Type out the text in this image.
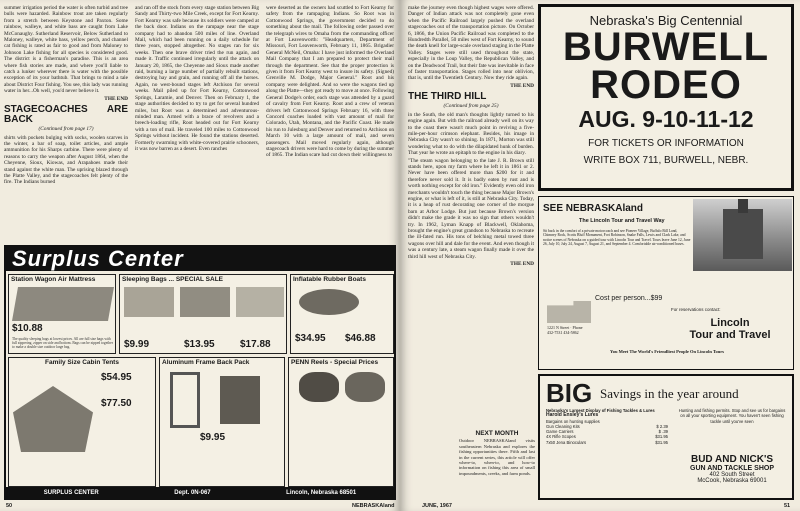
summer irrigation period the water is often turbid and tree bulls were hazarded. Rainbow trout are taken regularly from a stretch between Keystone and Paxton. Some rainbow, walleye, and white bass are caught from Lake McConaughy. Sutherland Reservoir, Below Sutherland to Maloney, walleye, white bass, yellow perch, and channel cat fishing is rated as fair to good and from Maloney to Johnson Lake fishing for all species is considered good. The district is a fisherman's paradise. This is an area where fish stories are made, and where you'll liable to catch a lunker wherever there is water with the possible exception of its your bathtub. That brings to mind a tale about District Four fishing. You see, this lady was running water in her...Oh well, you'd never believe it.

THE END

STAGECOACHES ARE BACK

(Continued from page 17)

shirts with pockets bulging with socks, woolen scarves in the winter, a bar of soap, toilet articles, and ample ammunition for his Sharps carbine. There were plenty of reasons to carry the weapon after August 1864, when the Cheyenne, Sioux, Kiowas, and Arapahoes made their stand against the white man. The uprising blazed through the Platte Valley, and the stagecoaches felt plenty of the fire. The Indians burned

and ran off the stock from every stage station between Big Sandy and Thirty-two Mile Creek, except for Fort Kearny. Fort Kearny was safe because its soldiers were camped at the back door. Indians on the rampage near the stage company had to abandon 500 miles of line. Overland Mail, which had been running on a daily schedule for three years, stopped altogether. No stages ran for six weeks. Then one brave driver tried the run again, and made it. Traffic continued irregularly until the attack on January 20, 1865, the Cheyenne and Sioux made another raid, burning a large number of partially rebuilt stations, destroying hay and grain, and running off all the horses. Again, no west-bound stages left Atchison for several weeks. Mail piled up for Fort Kearny, Cottonwood Springs, Laramie, and Denver. Then on February 1, the stage authorities decided to try to get for several hundred miles, but Root was a determined and adventurous-minded man. Armed with a brace of revolvers and a breech-loading rifle, Root headed out for Fort Kearny with a ton of mail. He traveled 100 miles to Cottonwood Springs without incident. He found the stations deserted. Formerly swarming with white-covered prairie schooners, it was now barren as a desert. Even ranches

were deserted as the owners had scuttled to Fort Kearny for safety from the rampaging Indians. So Root was in Cottonwood Springs, the government decided to do something about the mail. The following order passed over the telegraph wires to Omaha from the commanding officer at Fort Leavenworth: "Headquarters, Department of Missouri, Fort Leavenworth, February 11, 1865. Brigadier General McNeil, Omaha: I have just informed the Overland Mail Company that I am prepared to protect their mail through the department. See that the proper protection is given it from Fort Kearny west to insure its safety. (Signed) Grenville M. Dodge, Major General." Root and his company were delighted. And so were the wagons tied up along the Platte—they got ready to move at once. Following General Dodge's order, each stage was attended by a guard of cavalry from Fort Kearny. Root and a crew of veteran drivers left Cottonwood Springs February 16, with three Concord coaches loaded with vast amount of mail for Colorado, Utah, Montana, and the Pacific Coast. He made his run to Julesburg and Denver and returned to Atchison on March 10 with a large amount of mail, and seven passengers. Mail moved regularly again, although stagecoach drivers were hard to come by during the summer of 1865. The Indian scare had cut down their willingness to

Surplus Center
Station Wagon Air Mattress
$10.88
The quality sleeping bags at lowest prices. All are full size bags with full zippering, zipper on side and bottom. Bags can be zipped together to make a double size outdoor large bag.
Sleeping Bags ... SPECIAL SALE
$9.99	$13.95	$17.88
Inflatable Rubber Boats
$34.95 $46.88
Family Size Cabin Tents
$54.95
$77.50
Aluminum Frame Back Pack
$9.95
PENN Reels - Special Prices
SURPLUS CENTER	Dept. 0N-067	Lincoln, Nebraska 68501
50	NEBRASKAland

make the journey even though highest wages were offered. Danger of Indian attack was not completely gone even when the Pacific Railroad largely pushed the overland stagecoaches out of the transportation picture. On October 6, 1866, the Union Pacific Railroad was completed to the Hundredth Parallel, 50 miles west of Fort Kearny, to sound the death knell for large-scale overland staging in the Platte Valley. Stages were still used throughout the state, especially in the Loup Valley, the Republican Valley, and on the Deadwood Trail, but their fate was inevitable in face of faster transportation. Stages rolled into near oblivion, that is, until the Twentieth Century. Now they ride again.

THE END

THE THIRD HILL

(Continued from page 25)

in the South, the old man's thoughts lightly turned to his engine again. But with the railroad already well on its way to the coast there wasn't much point in reviving a five-mile-per-hour crimson elephant. Besides, his image in Nebraska City wasn't so shining. In 1871, Morton was still wondering what to do with the dilapidated hunk of burden. That year he wrote an epitaph to the engine in his diary.

"The steam wagon belonging to the late J. R. Brown still stands here, upon my farm where he left it in 1861 or 2. Never have been offered more than $200 for it and therefore never sold it. It is badly eaten by rust and is worth nothing except for old iron." Evidently even old iron merchants wouldn't touch the thing because Major Brown's engine, or what is left of it, is still at Nebraska City. Today, it is a heap of rust decorating one corner of the morgue barn at Arbor Lodge. But just because Brown's version didn't make the grade it was no sign that others wouldn't try. In 1962, Lyman Knapp of Blackwell, Oklahoma, brought the engine's great grandson to Nebraska to recreate the ill-fated run. His tons of belching metal towed three wagons over hill and dale for the event. And even though it was a century late, a steam wagon finally made it over the third hill west of Nebraska City.

THE END

JUNE, 1967	51
NEXT MONTH

Outdoor NEBRASKAland visits southeastern Nebraska and explores the fishing opportunities there. Fifth and last in the current series, this article will offer where-to, when-to, and how-to information on fishing this area of small impoundments, creeks, and farm ponds.

Nebraska's Big Centennial
BURWELL
RODEO
AUG. 9-10-11-12
FOR TICKETS OR INFORMATION
WRITE BOX 711, BURWELL, NEBR.
SEE NEBRASKAland
The Lincoln Tour and Travel Way
Sit back in the comfort of a private motorcoach and see Pioneer Village, Buffalo Bill Land, Chimney Rock, Scotts Bluff Monument, Fort Robinson, Snake Falls, Lewis and Clark Lake, and notice scenes of Nebraska on a guided tour with Lincoln Tour and Travel. Tours leave June 12, June 26, July 10, July 24, August 7, August 21, and September 4. Comfortable air-conditioned buses.
Cost per person...$99
For reservations contact:
Lincoln
Tour and Travel
1221 N Street · Phone
432-7531 434-5862
You Meet The World's Friendliest People On Lincoln Tours
BIG Savings in the year around
Nebraska's Largest Display of Fishing Tackles & Lures
Harold Ensley's Lures
Bargains on hunting supplies
Gun Cleaning Kits	$ 2.39
Game Carriers	$ .39
4X Rifle Scopes	$31.95
7x50 Jena Binoculars	$31.95
Hunting and fishing permits. Stop and see us for bargains on all your sporting equipment. You haven't seen fishing tackle until you've seen
BUD AND NICK'S
GUN AND TACKLE SHOP
402 South Street
McCook, Nebraska 69001
